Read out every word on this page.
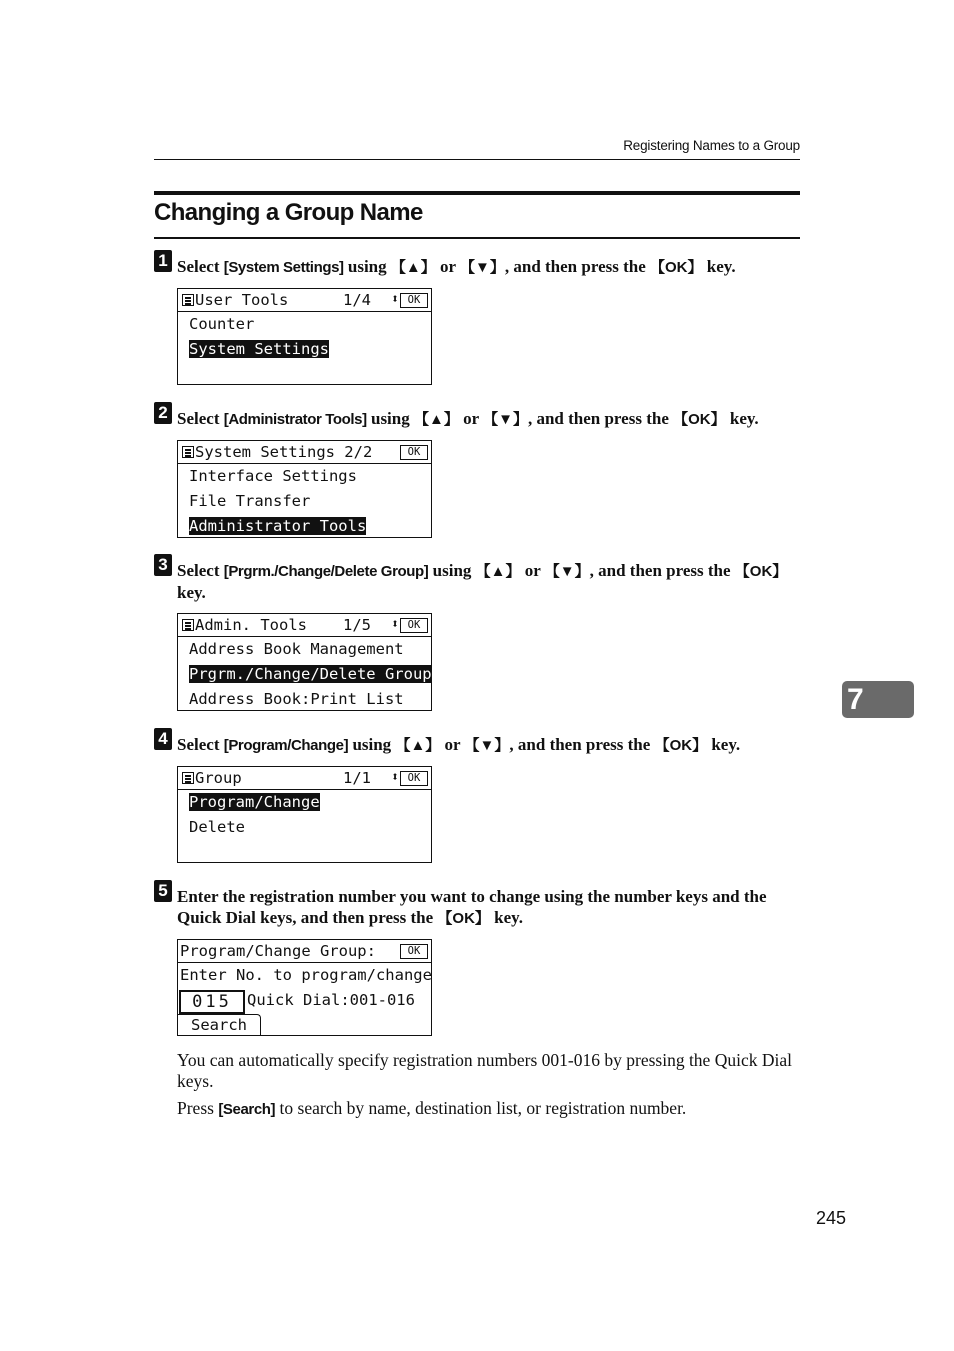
Registering Names to a Group
Changing a Group Name
1 Select [System Settings] using 【▲】 or 【▼】, and then press the 【OK】 key.

User Tools

	1/4

⬍

OK

Counter
System Settings
2 Select [Administrator Tools] using 【▲】 or 【▼】, and then press the 【OK】 key.

System Settings 2/2

	OK

Interface Settings
File Transfer
Administrator Tools
3 Select [Prgrm./Change/Delete Group] using 【▲】 or 【▼】, and then press the 【OK】 key.

Admin. Tools

1/5

⬍

OK

Address Book Management
Prgrm./Change/Delete Group
Address Book:Print List
4 Select [Program/Change] using 【▲】 or 【▼】, and then press the 【OK】 key.

Group

	1/1

⬍

OK

Program/Change
Delete
5 Enter the registration number you want to change using the number keys and the Quick Dial keys, and then press the 【OK】 key.

Program/Change Group:

	OK

Enter No. to program/change
015 Quick Dial:001-016
Search
You can automatically specify registration numbers 001-016 by pressing the Quick Dial keys.
Press [Search] to search by name, destination list, or registration number.
7
245
